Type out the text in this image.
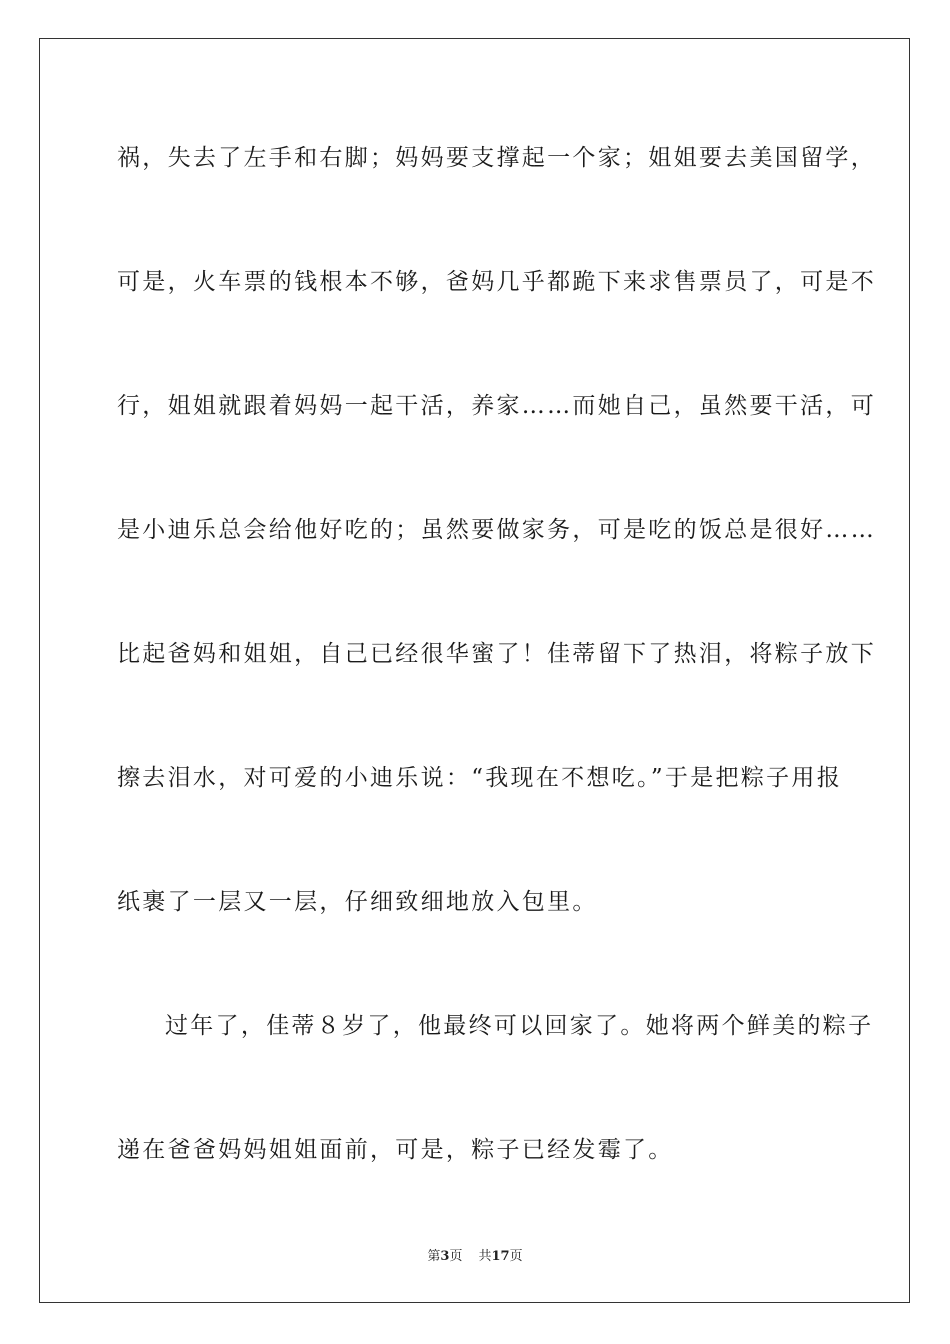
祸，失去了左手和右脚；妈妈要支撑起一个家；姐姐要去美国留学，
可是，火车票的钱根本不够，爸妈几乎都跪下来求售票员了，可是不
行，姐姐就跟着妈妈一起干活，养家……而她自己，虽然要干活，可
是小迪乐总会给他好吃的；虽然要做家务，可是吃的饭总是很好……
比起爸妈和姐姐，自己已经很华蜜了！佳蒂留下了热泪，将粽子放下
擦去泪水，对可爱的小迪乐说：“我现在不想吃。”于是把粽子用报
纸裹了一层又一层，仔细致细地放入包里。
过年了，佳蒂８岁了，他最终可以回家了。她将两个鲜美的粽子
递在爸爸妈妈姐姐面前，可是，粽子已经发霉了。
第3页 共17页
